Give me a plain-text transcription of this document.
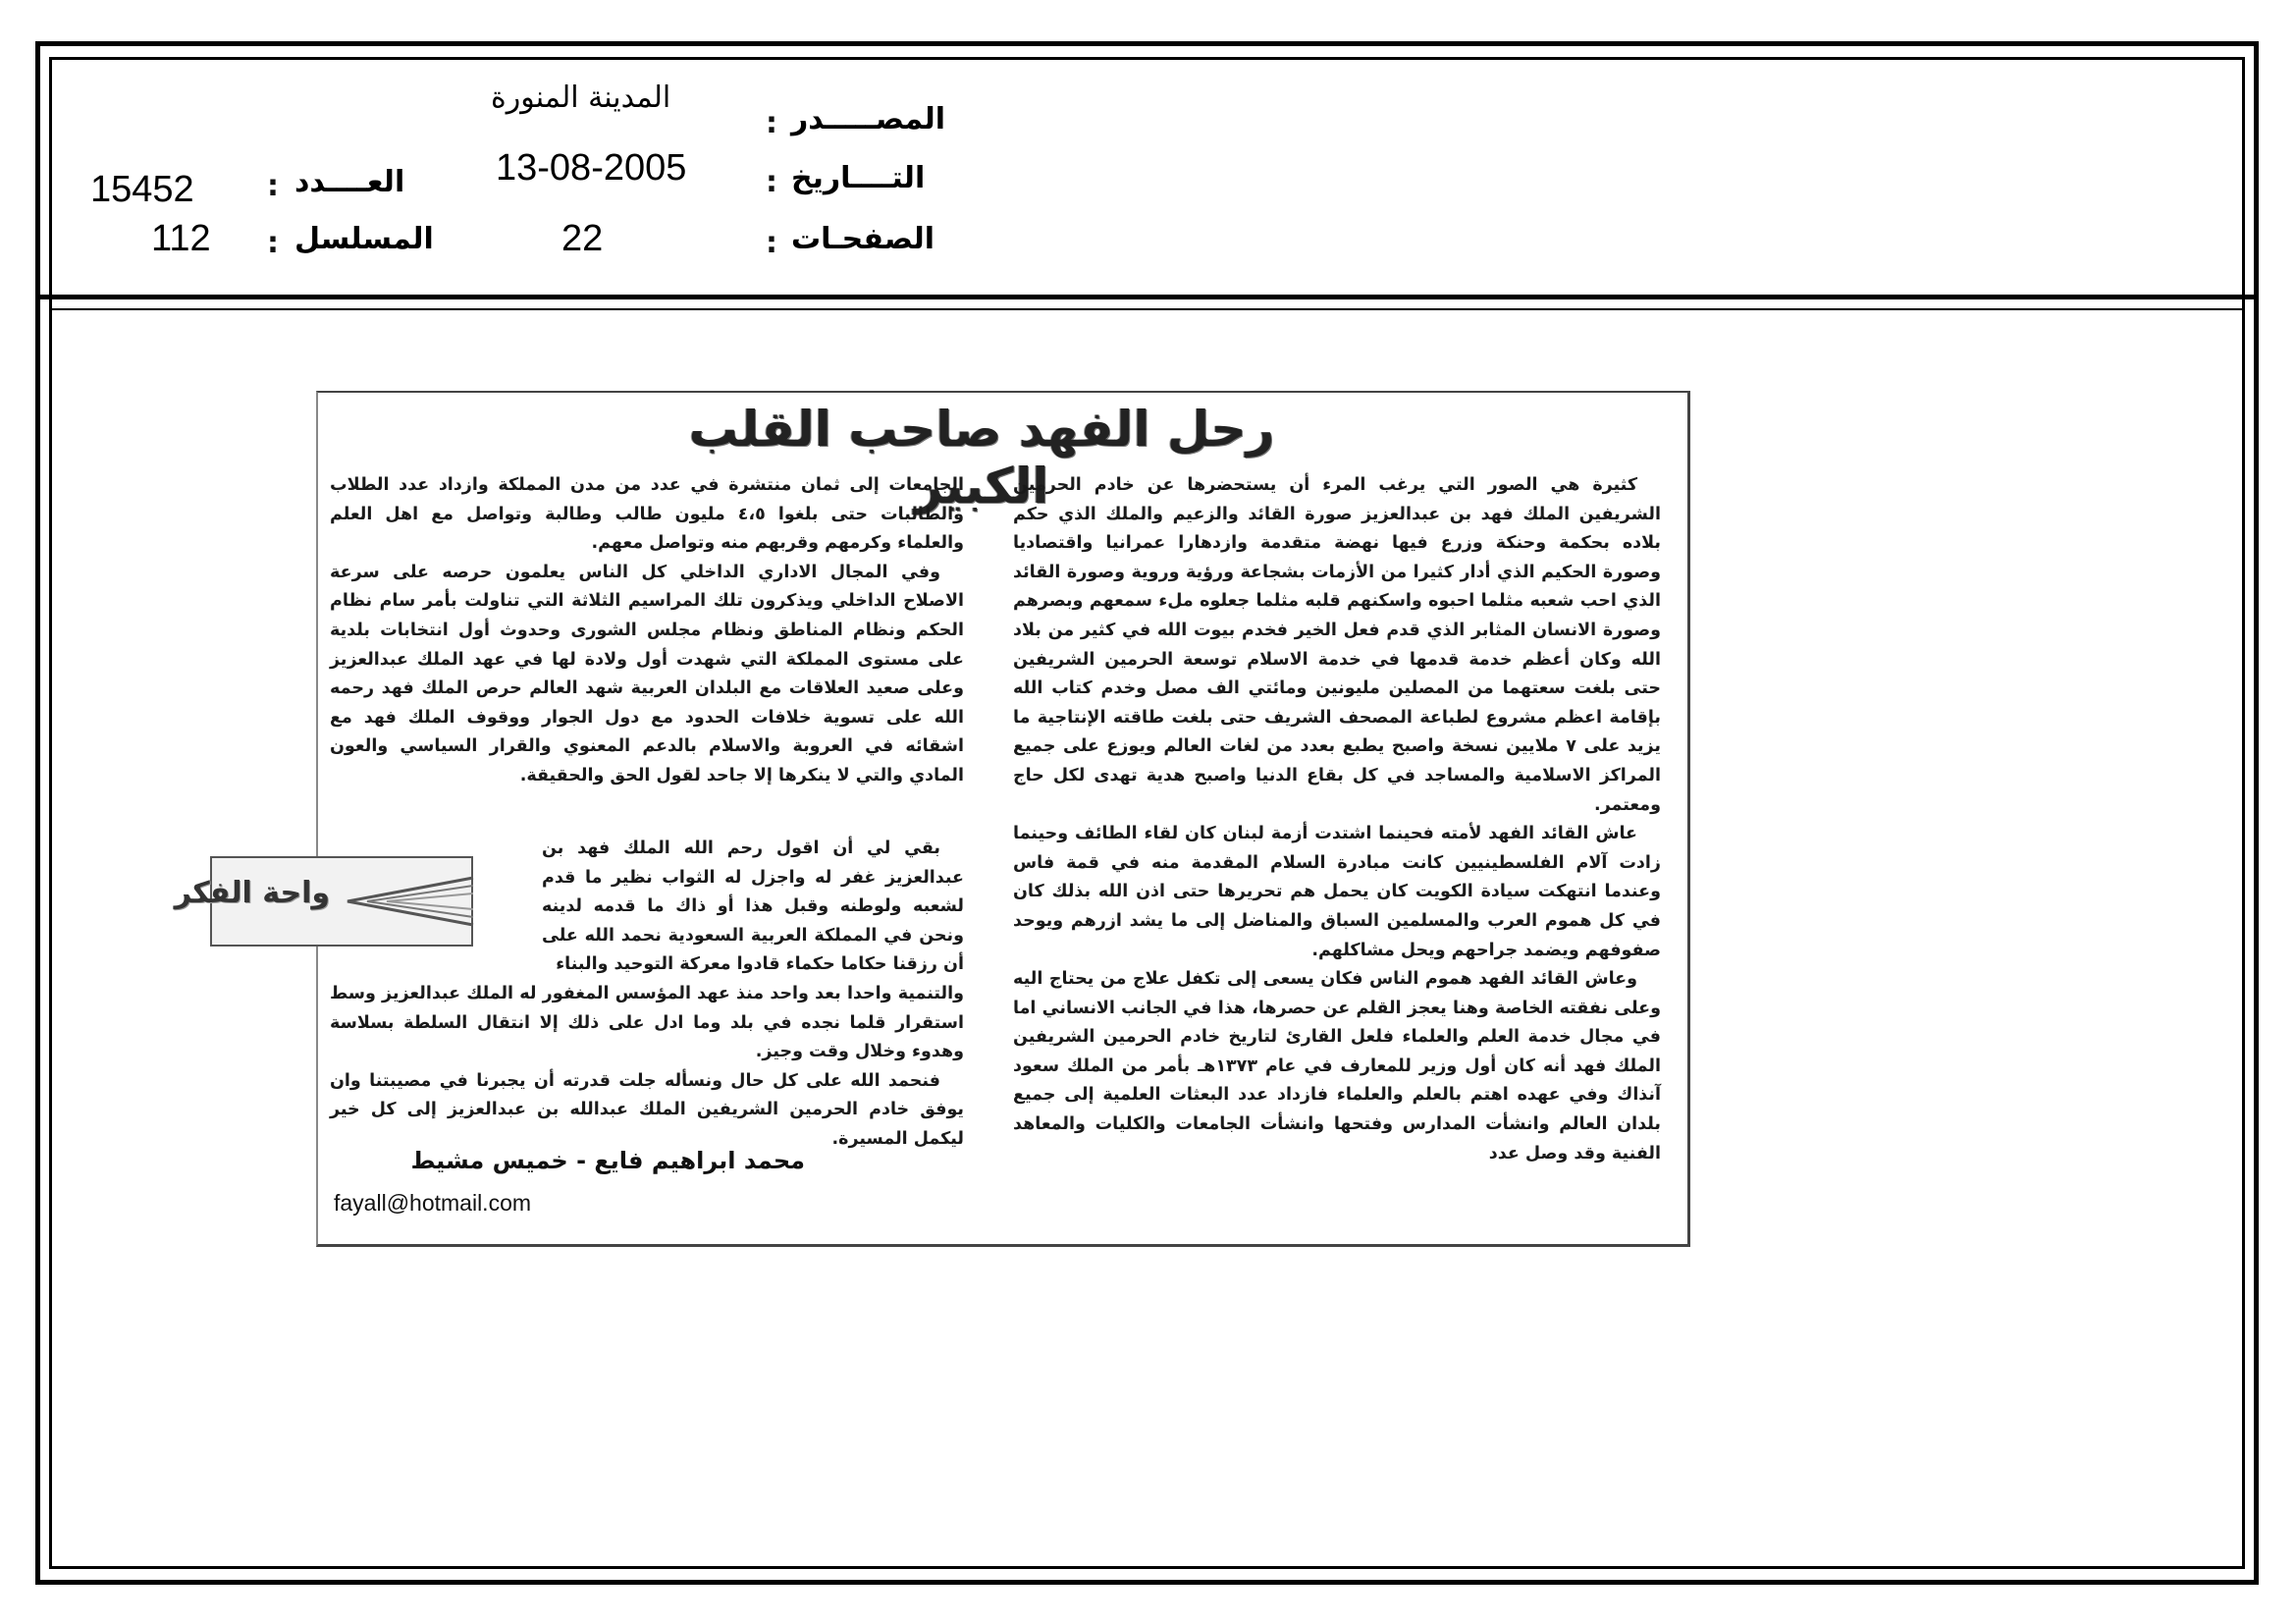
المدينة المنورة
: المصـــــدر
13-08-2005	: التــــاريخ
22	: الصفحـات
15452 : العــــدد
112 : المسلسل
رحل الفهد صاحب القلب الكبير

كثيرة هي الصور التي يرغب المرء أن يستحضرها عن خادم الحرمين الشريفين الملك فهد بن عبدالعزيز صورة القائد والزعيم والملك الذي حكم بلاده بحكمة وحنكة وزرع فيها نهضة متقدمة وازدهارا عمرانيا واقتصاديا وصورة الحكيم الذي أدار كثيرا من الأزمات بشجاعة ورؤية وروية وصورة القائد الذي احب شعبه مثلما احبوه واسكنهم قلبه مثلما جعلوه ملء سمعهم وبصرهم وصورة الانسان المثابر الذي قدم فعل الخير فخدم بيوت الله في كثير من بلاد الله وكان أعظم خدمة قدمها في خدمة الاسلام توسعة الحرمين الشريفين حتى بلغت سعتهما من المصلين مليونين ومائتي الف مصل وخدم كتاب الله بإقامة اعظم مشروع لطباعة المصحف الشريف حتى بلغت طاقته الإنتاجية ما يزيد على ٧ ملايين نسخة واصبح يطبع بعدد من لغات العالم ويوزع على جميع المراكز الاسلامية والمساجد في كل بقاع الدنيا واصبح هدية تهدى لكل حاج ومعتمر.

عاش القائد الفهد لأمته فحينما اشتدت أزمة لبنان كان لقاء الطائف وحينما زادت آلام الفلسطينيين كانت مبادرة السلام المقدمة منه في قمة فاس وعندما انتهكت سيادة الكويت كان يحمل هم تحريرها حتى اذن الله بذلك كان في كل هموم العرب والمسلمين السباق والمناضل إلى ما يشد ازرهم ويوحد صفوفهم ويضمد جراحهم ويحل مشاكلهم.

وعاش القائد الفهد هموم الناس فكان يسعى إلى تكفل علاج من يحتاج اليه وعلى نفقته الخاصة وهنا يعجز القلم عن حصرها، هذا في الجانب الانساني اما في مجال خدمة العلم والعلماء فلعل القارئ لتاريخ خادم الحرمين الشريفين الملك فهد أنه كان أول وزير للمعارف في عام ١٣٧٣هـ بأمر من الملك سعود آنذاك وفي عهده اهتم بالعلم والعلماء فازداد عدد البعثات العلمية إلى جميع بلدان العالم وانشأت المدارس وفتحها وانشأت الجامعات والكليات والمعاهد الفنية وقد وصل عدد

الجامعات إلى ثمان منتشرة في عدد من مدن المملكة وازداد عدد الطلاب والطالبات حتى بلغوا ٤،٥ مليون طالب وطالبة وتواصل مع اهل العلم والعلماء وكرمهم وقربهم منه وتواصل معهم.

وفي المجال الاداري الداخلي كل الناس يعلمون حرصه على سرعة الاصلاح الداخلي ويذكرون تلك المراسيم الثلاثة التي تناولت بأمر سام نظام الحكم ونظام المناطق ونظام مجلس الشورى وحدوث أول انتخابات بلدية على مستوى المملكة التي شهدت أول ولادة لها في عهد الملك عبدالعزيز وعلى صعيد العلاقات مع البلدان العربية شهد العالم حرص الملك فهد رحمه الله على تسوية خلافات الحدود مع دول الجوار ووقوف الملك فهد مع اشقائه في العروبة والاسلام بالدعم المعنوي والقرار السياسي والعون المادي والتي لا ينكرها إلا جاحد لقول الحق والحقيقة.

بقي لي أن اقول رحم الله الملك فهد بن عبدالعزيز غفر له واجزل له الثواب نظير ما قدم لشعبه ولوطنه وقبل هذا أو ذاك ما قدمه لدينه ونحن في المملكة العربية السعودية نحمد الله على أن رزقنا حكاما حكماء قادوا معركة التوحيد والبناء

والتنمية واحدا بعد واحد منذ عهد المؤسس المغفور له الملك عبدالعزيز وسط استقرار قلما نجده في بلد وما ادل على ذلك إلا انتقال السلطة بسلاسة وهدوء وخلال وقت وجيز.

فنحمد الله على كل حال ونسأله جلت قدرته أن يجبرنا في مصيبتنا وان يوفق خادم الحرمين الشريفين الملك عبدالله بن عبدالعزيز إلى كل خير ليكمل المسيرة.

محمد ابراهيم فايع - خميس مشيط
fayall@hotmail.com
واحة الفكر
